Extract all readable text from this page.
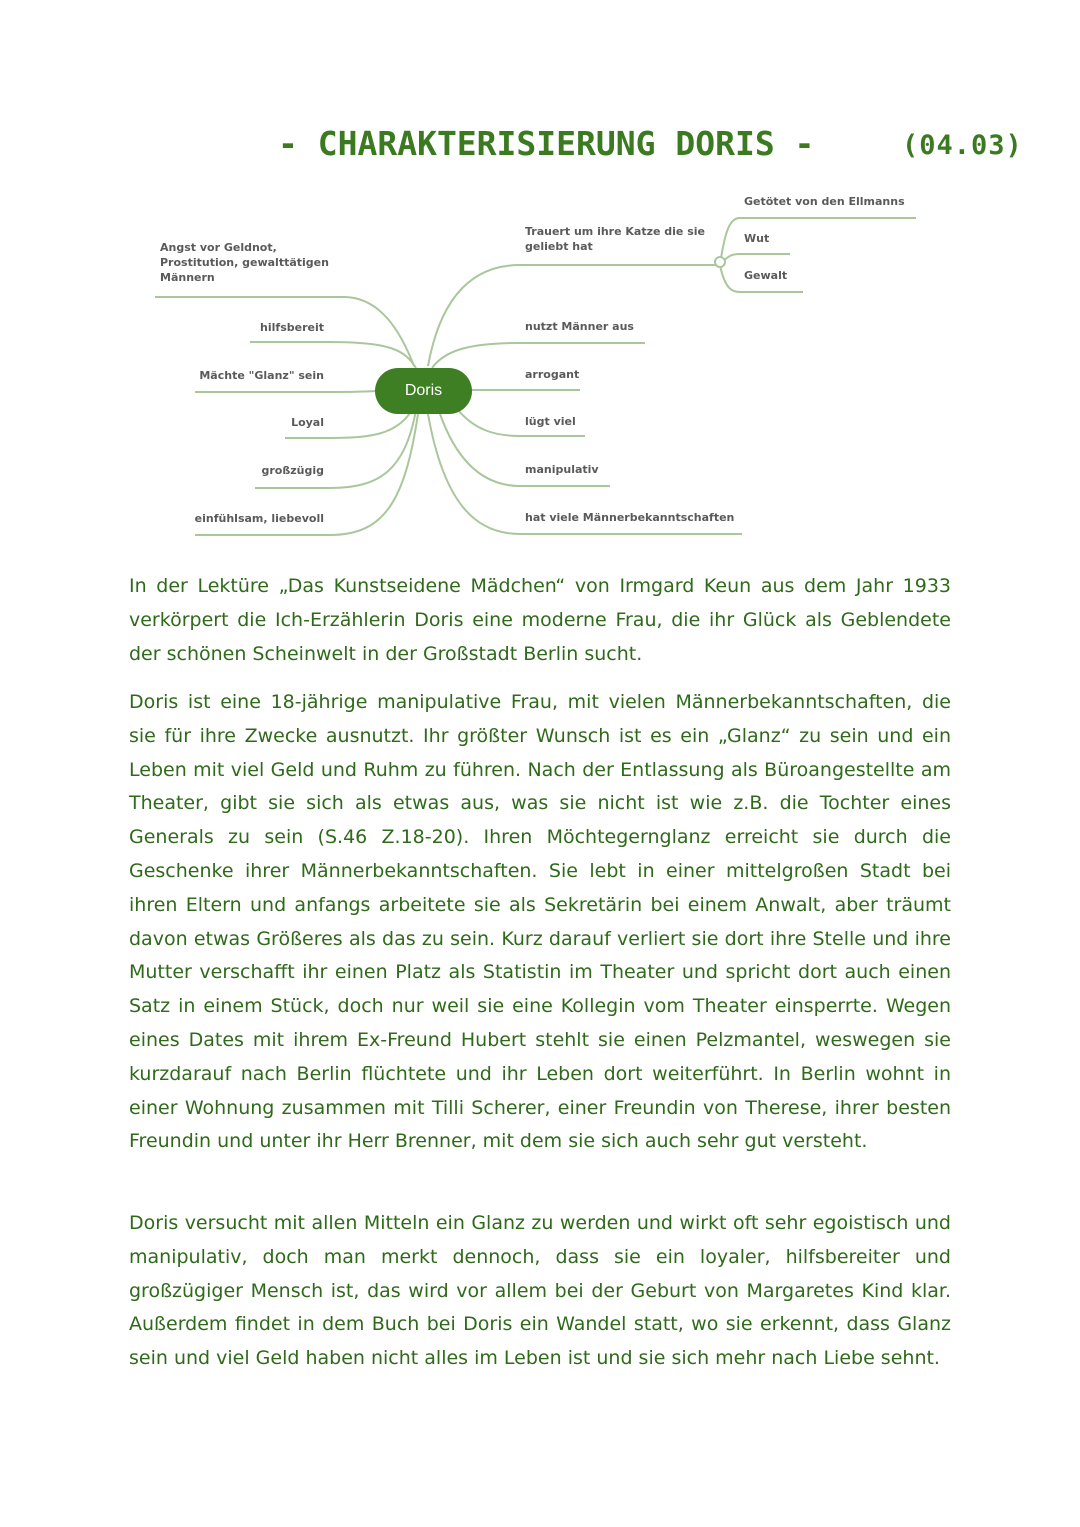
- CHARAKTERISIERUNG DORIS -	(04.03)
Doris
Angst vor Geldnot,
Prostitution, gewalttätigen
Männern
hilfsbereit
Mächte "Glanz" sein
Loyal
großzügig
einfühlsam, liebevoll
Trauert um ihre Katze die sie
geliebt hat
nutzt Männer aus
arrogant
lügt viel
manipulativ
hat viele Männerbekanntschaften
Getötet von den Ellmanns
Wut
Gewalt

In der Lektüre „Das Kunstseidene Mädchen“ von Irmgard Keun aus dem Jahr 1933 verkörpert die Ich-Erzählerin Doris eine moderne Frau, die ihr Glück als Geblendete der schönen Scheinwelt in der Großstadt Berlin sucht.

Doris ist eine 18-jährige manipulative Frau, mit vielen Männerbekanntschaften, die sie für ihre Zwecke ausnutzt. Ihr größter Wunsch ist es ein „Glanz“ zu sein und ein Leben mit viel Geld und Ruhm zu führen. Nach der Entlassung als Büroangestellte am Theater, gibt sie sich als etwas aus, was sie nicht ist wie z.B. die Tochter eines Generals zu sein (S.46 Z.18-20). Ihren Möchtegernglanz erreicht sie durch die Geschenke ihrer Männerbekanntschaften. Sie lebt in einer mittelgroßen Stadt bei ihren Eltern und anfangs arbeitete sie als Sekretärin bei einem Anwalt, aber träumt davon etwas Größeres als das zu sein. Kurz darauf verliert sie dort ihre Stelle und ihre Mutter verschafft ihr einen Platz als Statistin im Theater und spricht dort auch einen Satz in einem Stück, doch nur weil sie eine Kollegin vom Theater einsperrte. Wegen eines Dates mit ihrem Ex-Freund Hubert stehlt sie einen Pelzmantel, weswegen sie kurzdarauf nach Berlin flüchtete und ihr Leben dort weiterführt. In Berlin wohnt in einer Wohnung zusammen mit Tilli Scherer, einer Freundin von Therese, ihrer besten Freundin und unter ihr Herr Brenner, mit dem sie sich auch sehr gut versteht.

Doris versucht mit allen Mitteln ein Glanz zu werden und wirkt oft sehr egoistisch und manipulativ, doch man merkt dennoch, dass sie ein loyaler, hilfsbereiter und großzügiger Mensch ist, das wird vor allem bei der Geburt von Margaretes Kind klar. Außerdem findet in dem Buch bei Doris ein Wandel statt, wo sie erkennt, dass Glanz sein und viel Geld haben nicht alles im Leben ist und sie sich mehr nach Liebe sehnt.
